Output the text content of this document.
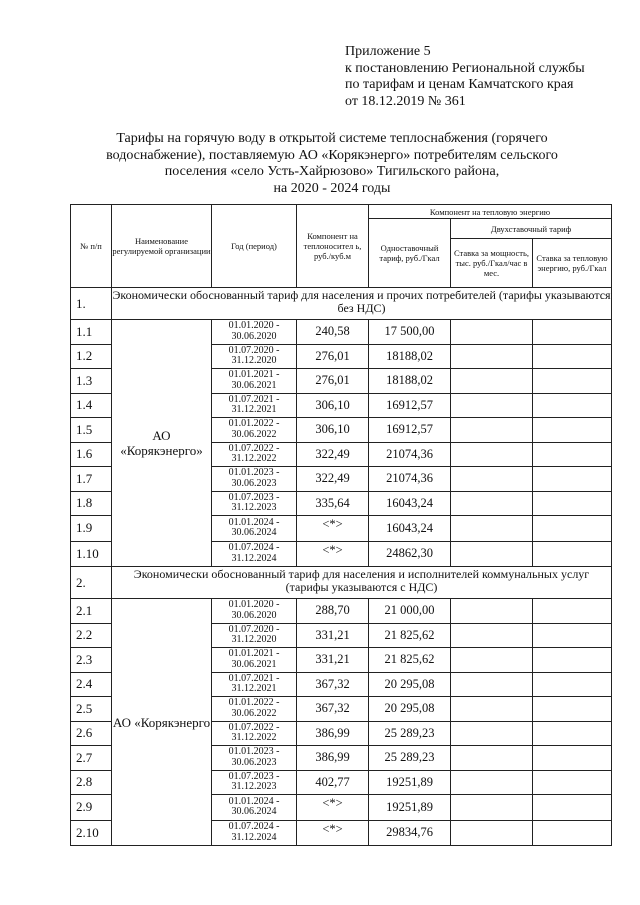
Приложение 5
к постановлению Региональной службы
по тарифам и ценам Камчатского края
от 18.12.2019 № 361
Тарифы на горячую воду в открытой системе теплоснабжения (горячего
водоснабжение), поставляемую АО «Корякэнерго» потребителям сельского
поселения «село Усть-Хайрюзово» Тигильского района,
на 2020 - 2024 годы
№ п/п	Наименование регулируемой организации	Год (период)	Компонент на теплоносител ь, руб./куб.м	Компонент на тепловую энергию		
				Одноставочный тариф, руб./Гкал	Двухставочный тариф	
					Ставка за мощность, тыс. руб./Гкал/час в мес.	Ставка за тепловую энергию, руб./Гкал
1.	Экономически обоснованный тариф для населения и прочих потребителей (тарифы указываются без НДС)					
1.1	АО «Корякэнерго»	01.01.2020 - 30.06.2020	240,58	17 500,00		
1.2		01.07.2020 - 31.12.2020	276,01	18188,02		
1.3		01.01.2021 - 30.06.2021	276,01	18188,02		
1.4		01.07.2021 - 31.12.2021	306,10	16912,57		
1.5		01.01.2022 - 30.06.2022	306,10	16912,57		
1.6		01.07.2022 - 31.12.2022	322,49	21074,36		
1.7		01.01.2023 - 30.06.2023	322,49	21074,36		
1.8		01.07.2023 - 31.12.2023	335,64	16043,24		
1.9		01.01.2024 - 30.06.2024	<*>	16043,24		
1.10		01.07.2024 - 31.12.2024	<*>	24862,30		
2.	Экономически обоснованный тариф для населения и исполнителей коммунальных услуг (тарифы указываются с НДС)					
2.1	АО «Корякэнерго	01.01.2020 - 30.06.2020	288,70	21 000,00		
2.2		01.07.2020 - 31.12.2020	331,21	21 825,62		
2.3		01.01.2021 - 30.06.2021	331,21	21 825,62		
2.4		01.07.2021 - 31.12.2021	367,32	20 295,08		
2.5		01.01.2022 - 30.06.2022	367,32	20 295,08		
2.6		01.07.2022 - 31.12.2022	386,99	25 289,23		
2.7		01.01.2023 - 30.06.2023	386,99	25 289,23		
2.8		01.07.2023 - 31.12.2023	402,77	19251,89		
2.9		01.01.2024 - 30.06.2024	<*>	19251,89		
2.10		01.07.2024 - 31.12.2024	<*>	29834,76		
